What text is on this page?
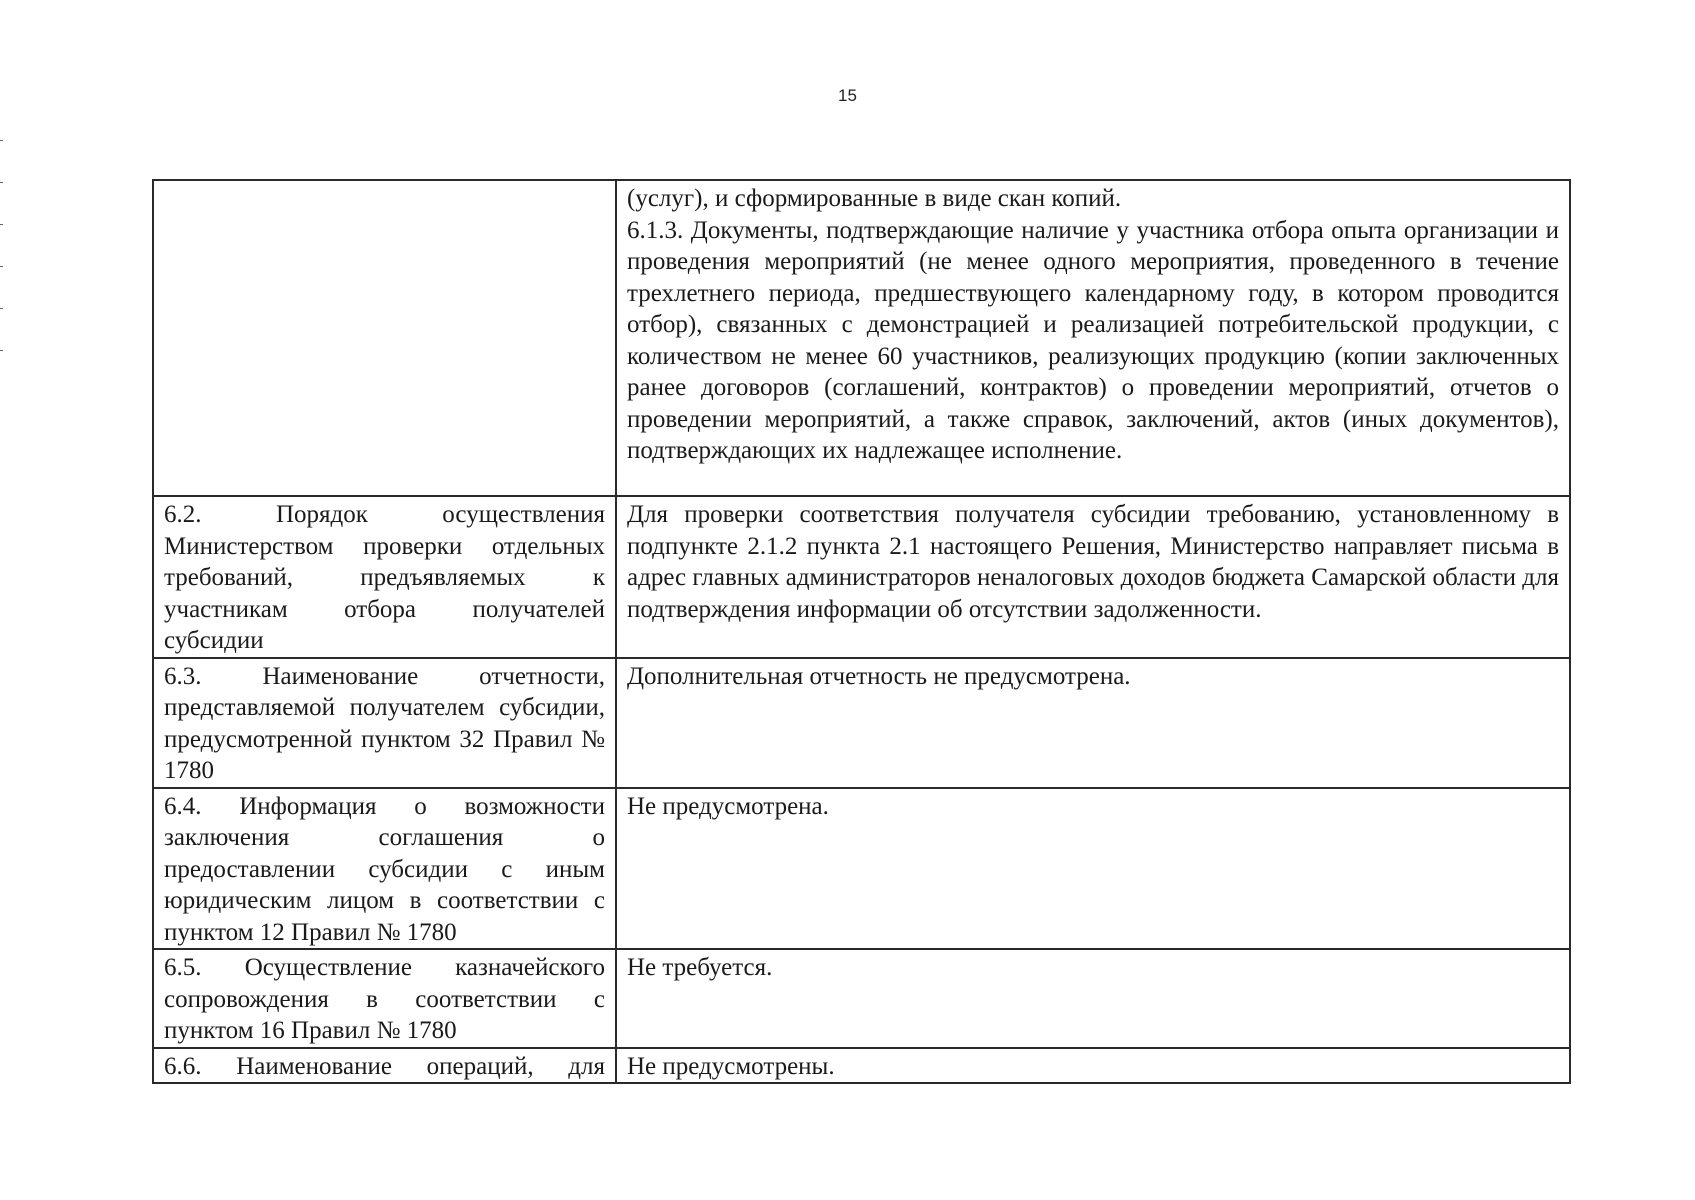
15

	(услуг), и сформированные в виде скан копий.

6.1.3. Документы, подтверждающие наличие у участника отбора опыта организации и проведения мероприятий (не менее одного мероприятия, проведенного в течение трехлетнего периода, предшествующего календарному году, в котором проводится отбор), связанных с демонстрацией и реализацией потребительской продукции, с количеством не менее 60 участников, реализующих продукцию (копии заключенных ранее договоров (соглашений, контрактов) о проведении мероприятий, отчетов о проведении мероприятий, а также справок, заключений, актов (иных документов), подтверждающих их надлежащее исполнение.

6.2. Порядок осуществления Министерством проверки отдельных требований, предъявляемых к участникам отбора получателей субсидии	Для проверки соответствия получателя субсидии требованию, установленному в подпункте 2.1.2 пункта 2.1 настоящего Решения, Министерство направляет письма в адрес главных администраторов неналоговых доходов бюджета Самарской области для подтверждения информации об отсутствии задолженности.

6.3. Наименование отчетности, представляемой получателем субсидии, предусмотренной пунктом 32 Правил № 1780	Дополнительная отчетность не предусмотрена.

6.4. Информация о возможности заключения соглашения о предоставлении субсидии с иным юридическим лицом в соответствии с пунктом 12 Правил № 1780	Не предусмотрена.

6.5. Осуществление казначейского сопровождения в соответствии с пунктом 16 Правил № 1780	Не требуется.

6.6. Наименование операций, для	Не предусмотрены.
